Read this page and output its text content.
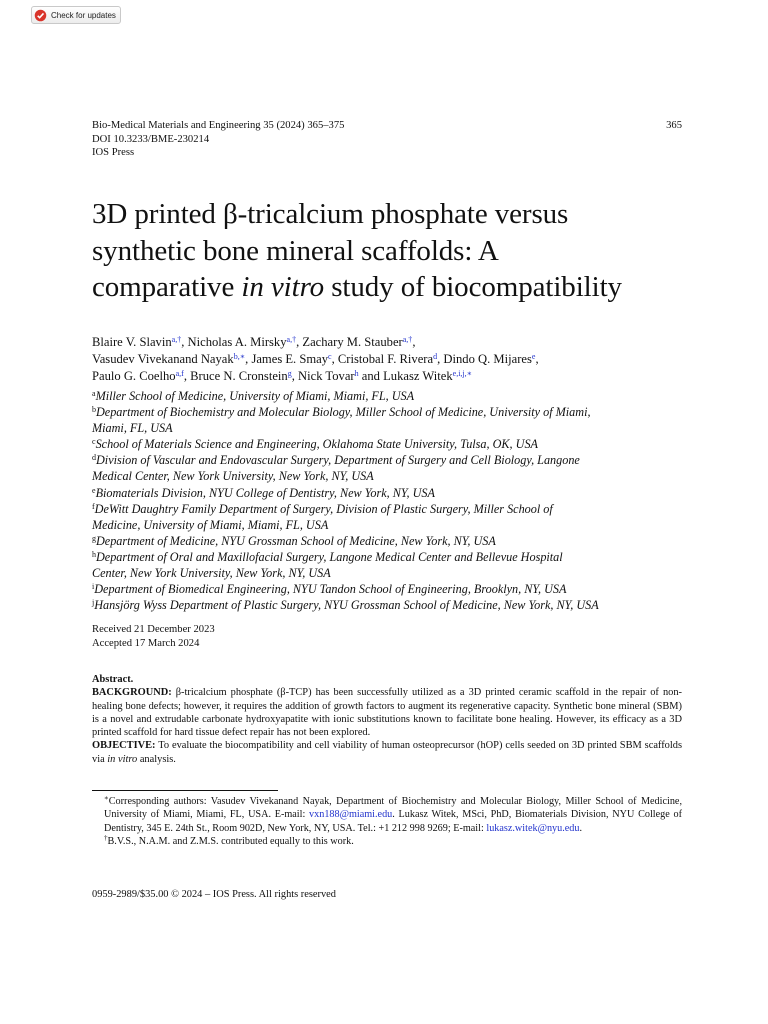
Check for updates
Bio-Medical Materials and Engineering 35 (2024) 365–375	365
DOI 10.3233/BME-230214
IOS Press
3D printed β-tricalcium phosphate versus
synthetic bone mineral scaffolds: A
comparative in vitro study of biocompatibility
Blaire V. Slavin$^{a,\dagger}$, Nicholas A. Mirsky$^{a,\dagger}$, Zachary M. Stauber$^{a,\dagger}$,
Vasudev Vivekanand Nayak$^{b,∗}$, James E. Smay$^c$, Cristobal F. Rivera$^d$, Dindo Q. Mijares$^e$,
Paulo G. Coelho$^{a,f}$, Bruce N. Cronstein$^g$, Nick Tovar$^h$ and Lukasz Witek$^{e,i,j,∗}$

$^a$Miller School of Medicine, University of Miami, Miami, FL, USA

$^b$Department of Biochemistry and Molecular Biology, Miller School of Medicine, University of Miami,

Miami, FL, USA

$^c$School of Materials Science and Engineering, Oklahoma State University, Tulsa, OK, USA

$^d$Division of Vascular and Endovascular Surgery, Department of Surgery and Cell Biology, Langone

Medical Center, New York University, New York, NY, USA

$^e$Biomaterials Division, NYU College of Dentistry, New York, NY, USA

$^f$DeWitt Daughtry Family Department of Surgery, Division of Plastic Surgery, Miller School of

Medicine, University of Miami, Miami, FL, USA

$^g$Department of Medicine, NYU Grossman School of Medicine, New York, NY, USA

$^h$Department of Oral and Maxillofacial Surgery, Langone Medical Center and Bellevue Hospital

Center, New York University, New York, NY, USA

$^i$Department of Biomedical Engineering, NYU Tandon School of Engineering, Brooklyn, NY, USA

$^j$Hansjörg Wyss Department of Plastic Surgery, NYU Grossman School of Medicine, New York, NY, USA

Received 21 December 2023
Accepted 17 March 2024

Abstract.

BACKGROUND: β-tricalcium phosphate (β-TCP) has been successfully utilized as a 3D printed ceramic scaffold in the repair of non-healing bone defects; however, it requires the addition of growth factors to augment its regenerative capacity. Synthetic bone mineral (SBM) is a novel and extrudable carbonate hydroxyapatite with ionic substitutions known to facilitate bone healing. However, its efficacy as a 3D printed scaffold for hard tissue defect repair has not been explored.

OBJECTIVE: To evaluate the biocompatibility and cell viability of human osteoprecursor (hOP) cells seeded on 3D printed SBM scaffolds via in vitro analysis.

∗Corresponding authors: Vasudev Vivekanand Nayak, Department of Biochemistry and Molecular Biology, Miller School of Medicine, University of Miami, Miami, FL, USA. E-mail: vxn188@miami.edu. Lukasz Witek, MSci, PhD, Biomaterials Division, NYU College of Dentistry, 345 E. 24th St., Room 902D, New York, NY, USA. Tel.: +1 212 998 9269; E-mail: lukasz.witek@nyu.edu.

†B.V.S., N.A.M. and Z.M.S. contributed equally to this work.

0959-2989/$35.00 © 2024 – IOS Press. All rights reserved
